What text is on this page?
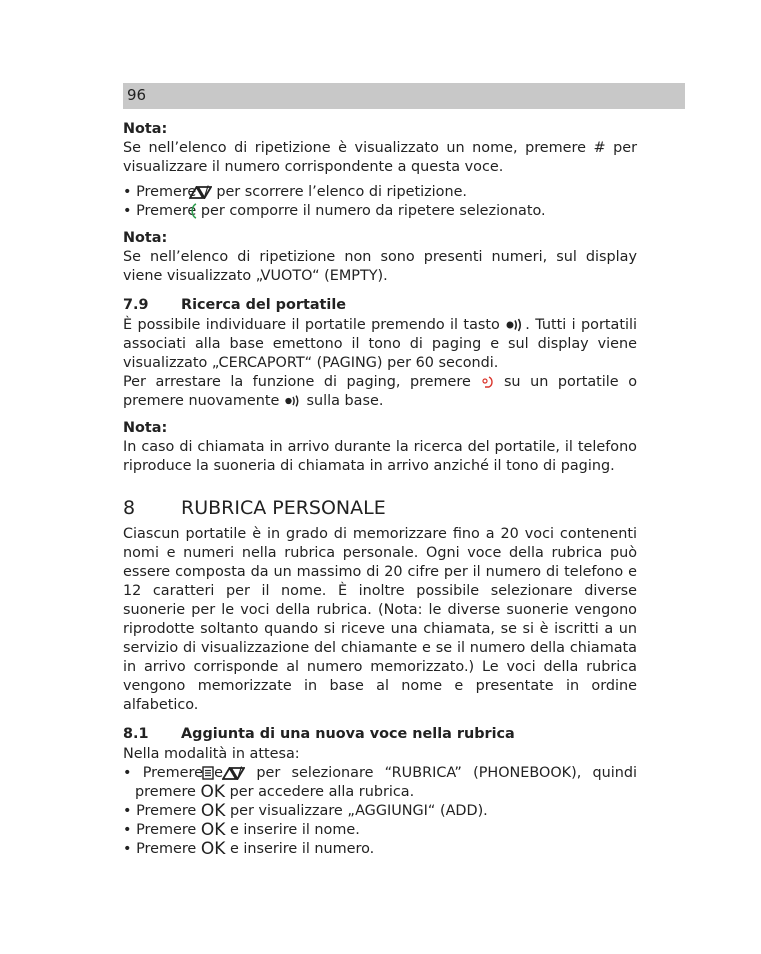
96

Nota:

Se nell’elenco di ripetizione è visualizzato un nome, premere # per visualizzare il numero corrispondente a questa voce.

• Premere / per scorrere l’elenco di ripetizione.

• Premere per comporre il numero da ripetere selezionato.

Nota:

Se nell’elenco di ripetizione non sono presenti numeri, sul display viene visualizzato „VUOTO“ (EMPTY).

7.9 Ricerca del portatile

È possibile individuare il portatile premendo il tasto . Tutti i portatili associati alla base emettono il tono di paging e sul display viene visualizzato „CERCAPORT“ (PAGING) per 60 secondi.
Per arrestare la funzione di paging, premere su un portatile o premere nuovamente sulla base.

Nota:

In caso di chiamata in arrivo durante la ricerca del portatile, il telefono riproduce la suoneria di chiamata in arrivo anziché il tono di paging.

8 RUBRICA PERSONALE

Ciascun portatile è in grado di memorizzare fino a 20 voci contenenti nomi e numeri nella rubrica personale. Ogni voce della rubrica può essere composta da un massimo di 20 cifre per il numero di telefono e 12 caratteri per il nome. È inoltre possibile selezionare diverse suonerie per le voci della rubrica. (Nota: le diverse suonerie vengono riprodotte soltanto quando si riceve una chiamata, se si è iscritti a un servizio di visualizzazione del chiamante e se il numero della chiamata in arrivo corrisponde al numero memorizzato.) Le voci della rubrica vengono memorizzate in base al nome e presentate in ordine alfabetico.

8.1 Aggiunta di una nuova voce nella rubrica

Nella modalità in attesa:

• Premere e / per selezionare “RUBRICA” (PHONEBOOK), quindi premere OK per accedere alla rubrica.

• Premere OK per visualizzare „AGGIUNGI“ (ADD).

• Premere OK e inserire il nome.

• Premere OK e inserire il numero.
